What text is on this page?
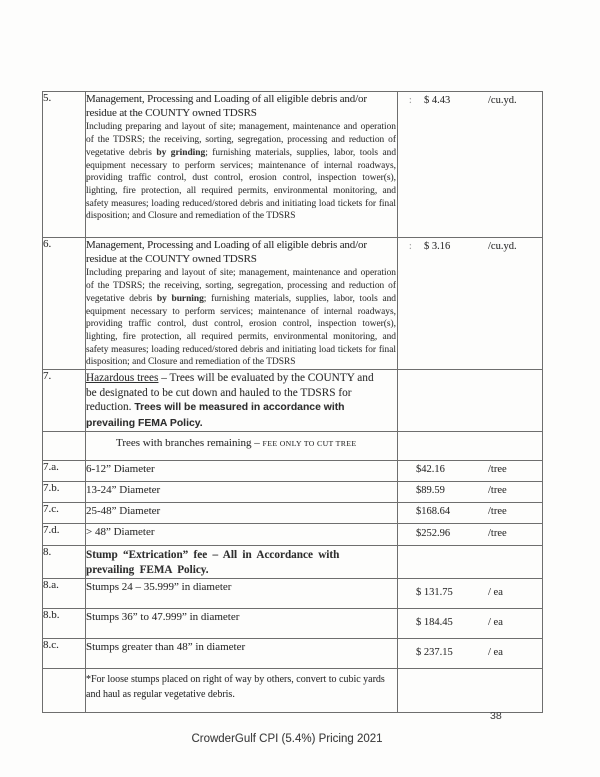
5.	Management, Processing and Loading of all eligible debris and/or residue at the COUNTY owned TDSRS
Including preparing and layout of site; management, maintenance and operation of the TDSRS; the receiving, sorting, segregation, processing and reduction of vegetative debris by grinding; furnishing materials, supplies, labor, tools and equipment necessary to perform services; maintenance of internal roadways, providing traffic control, dust control, erosion control, inspection tower(s), lighting, fire protection, all required permits, environmental monitoring, and safety measures; loading reduced/stored debris and initiating load tickets for final disposition; and Closure and remediation of the TDSRS

: $ 4.43	/cu.yd.

6.	Management, Processing and Loading of all eligible debris and/or residue at the COUNTY owned TDSRS
Including preparing and layout of site; management, maintenance and operation of the TDSRS; the receiving, sorting, segregation, processing and reduction of vegetative debris by burning; furnishing materials, supplies, labor, tools and equipment necessary to perform services; maintenance of internal roadways, providing traffic control, dust control, erosion control, inspection tower(s), lighting, fire protection, all required permits, environmental monitoring, and safety measures; loading reduced/stored debris and initiating load tickets for final disposition; and Closure and remediation of the TDSRS

: $ 3.16	/cu.yd.

7.	Hazardous trees – Trees will be evaluated by the COUNTY and be designated to be cut down and hauled to the TDSRS for reduction. Trees will be measured in accordance with prevailing FEMA Policy.	

	Trees with branches remaining – FEE ONLY TO CUT TREE	

7.a.	6-12” Diameter	$42.16 /tree

7.b.	13-24” Diameter	$89.59 /tree

7.c.	25-48” Diameter	$168.64 /tree

7.d.	> 48” Diameter	$252.96 /tree

8.	Stump “Extrication” fee – All in Accordance with prevailing FEMA Policy.	

8.a.	Stumps 24 – 35.999” in diameter	$ 131.75 / ea

8.b.	Stumps 36” to 47.999” in diameter	$ 184.45 / ea

8.c.	Stumps greater than 48” in diameter	$ 237.15 / ea

	*For loose stumps placed on right of way by others, convert to cubic yards and haul as regular vegetative debris.	

38
CrowderGulf CPI (5.4%) Pricing 2021
